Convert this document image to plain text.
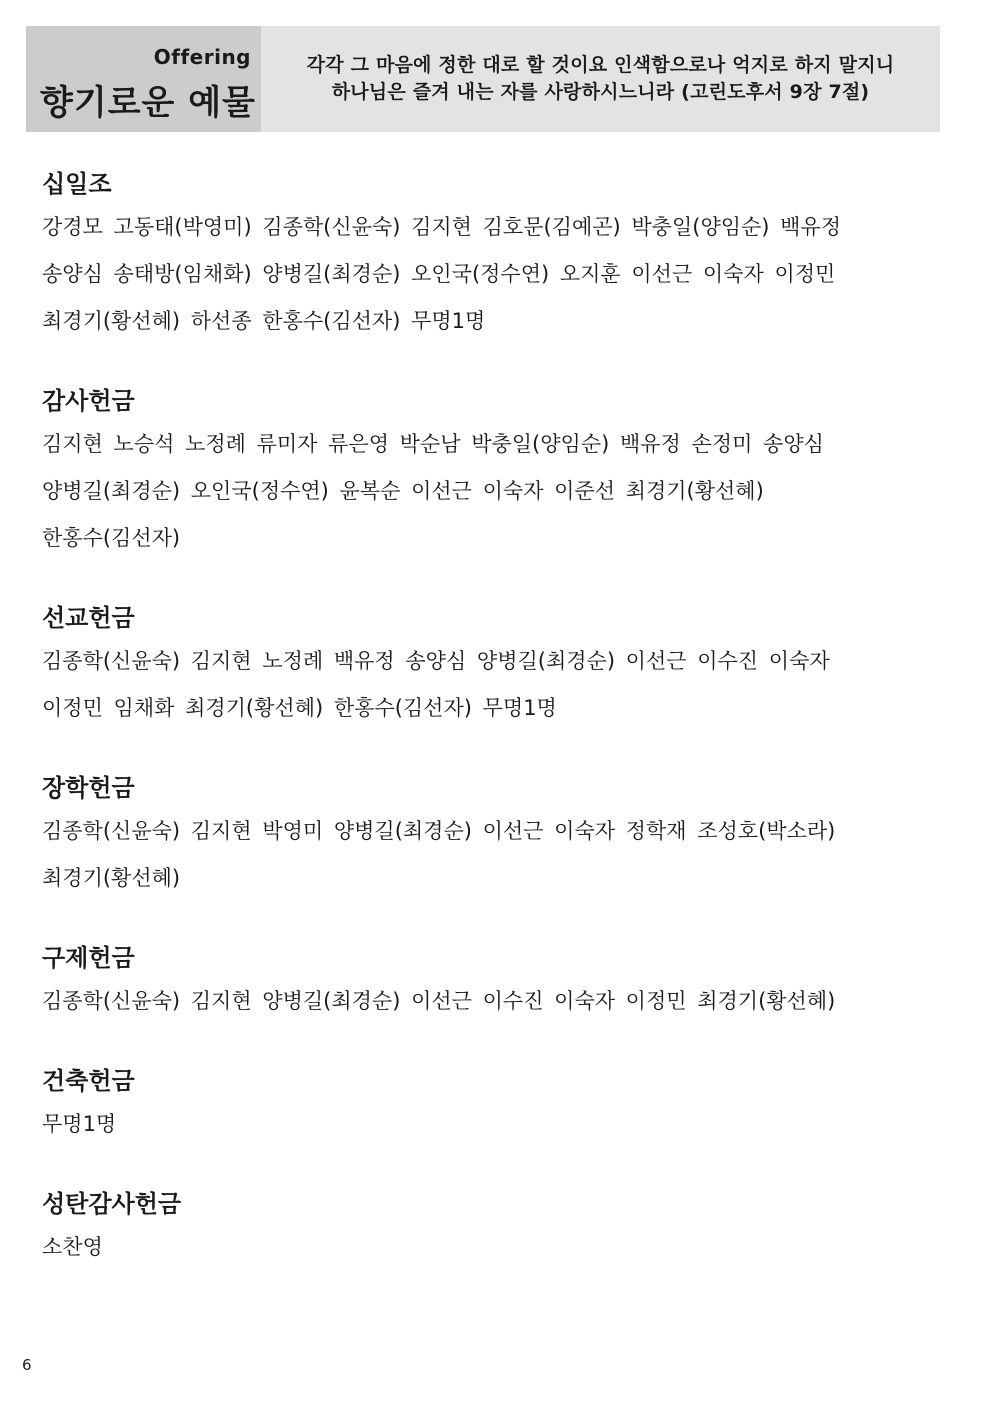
Offering
향기로운 예물
각각 그 마음에 정한 대로 할 것이요 인색함으로나 억지로 하지 말지니
하나님은 즐겨 내는 자를 사랑하시느니라 (고린도후서 9장 7절)
십일조
강경모 고동태(박영미) 김종학(신윤숙) 김지현 김호문(김예곤) 박충일(양임순) 백유정
송양심 송태방(임채화) 양병길(최경순) 오인국(정수연) 오지훈 이선근 이숙자 이정민
최경기(황선혜) 하선종 한홍수(김선자) 무명1명
감사헌금
김지현 노승석 노정례 류미자 류은영 박순남 박충일(양임순) 백유정 손정미 송양심
양병길(최경순) 오인국(정수연) 윤복순 이선근 이숙자 이준선 최경기(황선혜)
한홍수(김선자)
선교헌금
김종학(신윤숙) 김지현 노정례 백유정 송양심 양병길(최경순) 이선근 이수진 이숙자
이정민 임채화 최경기(황선혜) 한홍수(김선자) 무명1명
장학헌금
김종학(신윤숙) 김지현 박영미 양병길(최경순) 이선근 이숙자 정학재 조성호(박소라)
최경기(황선혜)
구제헌금
김종학(신윤숙) 김지현 양병길(최경순) 이선근 이수진 이숙자 이정민 최경기(황선혜)
건축헌금
무명1명
성탄감사헌금
소찬영
6
